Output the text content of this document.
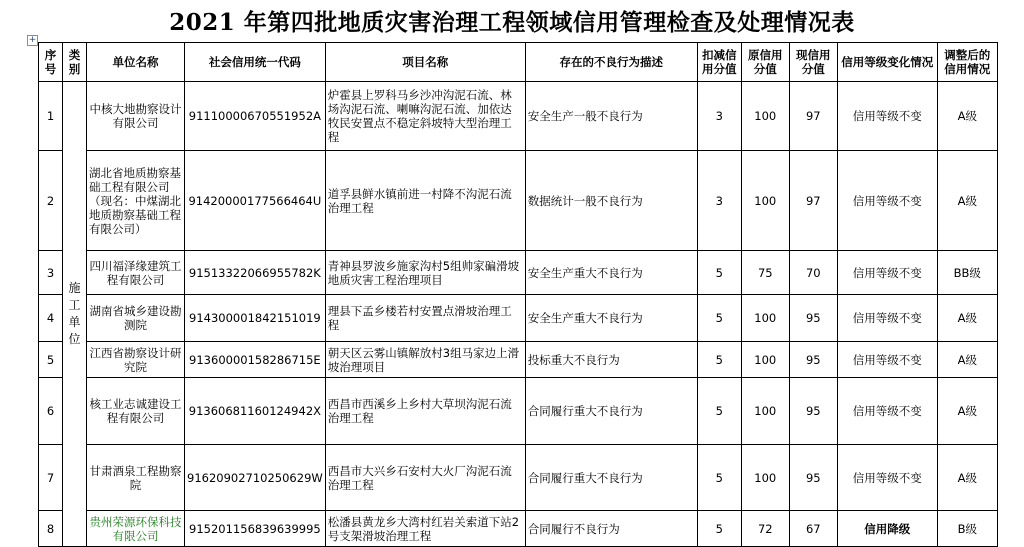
2021 年第四批地质灾害治理工程领域信用管理检查及处理情况表
+
序号	类别	单位名称	社会信用统一代码	项目名称	存在的不良行为描述	扣减信用分值	原信用分值	现信用分值	信用等级变化情况	调整后的信用情况
1	施工单位	中核大地勘察设计有限公司	91110000670551952A	炉霍县上罗科马乡沙冲沟泥石流、林场沟泥石流、喇嘛沟泥石流、加依达牧民安置点不稳定斜坡特大型治理工程	安全生产一般不良行为	3	100	97	信用等级不变	A级
2		湖北省地质勘察基础工程有限公司（现名：中煤湖北地质勘察基础工程有限公司）	91420000177566464U	道孚县鲜水镇前进一村降不沟泥石流治理工程	数据统计一般不良行为	3	100	97	信用等级不变	A级
3		四川福泽缘建筑工程有限公司	91513322066955782K	青神县罗波乡施家沟村5组帅家碥滑坡地质灾害工程治理项目	安全生产重大不良行为	5	75	70	信用等级不变	BB级
4		湖南省城乡建设勘测院	91430000184215101​9	理县下孟乡楼若村安置点滑坡治理工程	安全生产重大不良行为	5	100	95	信用等级不变	A级
5		江西省勘察设计研究院	91360000158286715E	朝天区云雾山镇解放村3组马家边上滑坡治理项目	投标重大不良行为	5	100	95	信用等级不变	A级
6		核工业志诚建设工程有限公司	91360681160124942X	西昌市西溪乡上乡村大草坝沟泥石流治理工程	合同履行重大不良行为	5	100	95	信用等级不变	A级
7		甘肃酒泉工程勘察院	91620902710250629W	西昌市大兴乡石安村大火厂沟泥石流治理工程	合同履行重大不良行为	5	100	95	信用等级不变	A级
8		贵州荣源环保科技有限公司	91520115683963999​5	松潘县黄龙乡大湾村红岩关索道下站2号支架滑坡治理工程	合同履行不良行为	5	72	67	信用降级	B级
